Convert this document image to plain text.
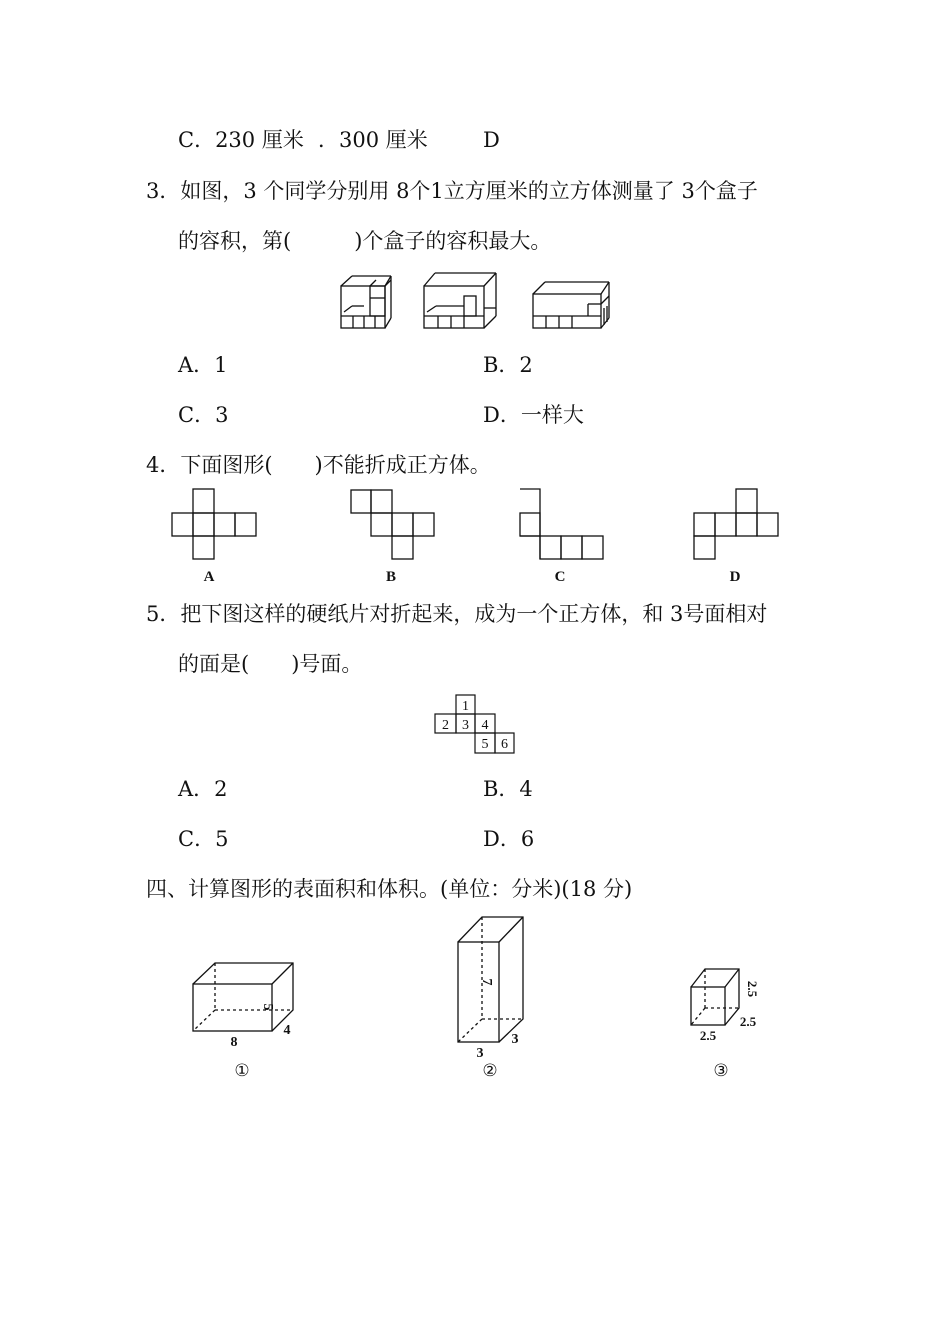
C．230 厘米 ．300 厘米	D
3．如图，3 个同学分别用 8个1立方厘米的立方体测量了 3个盒子
的容积，第(　　　)个盒子的容积最大。
A．1	B．2
C．3	D．一样大
4．下面图形(　　)不能折成正方体。
A	B	C	D
5．把下图这样的硬纸片对折起来，成为一个正方体，和 3号面相对
的面是(　　)号面。
1
2 3 4
5 6
A．2	B．4
C．5	D．6
四、计算图形的表面积和体积。(单位：分米)(18 分)
8
4
5
①
3
3
7
②
2.5
2.5
2.5
③
